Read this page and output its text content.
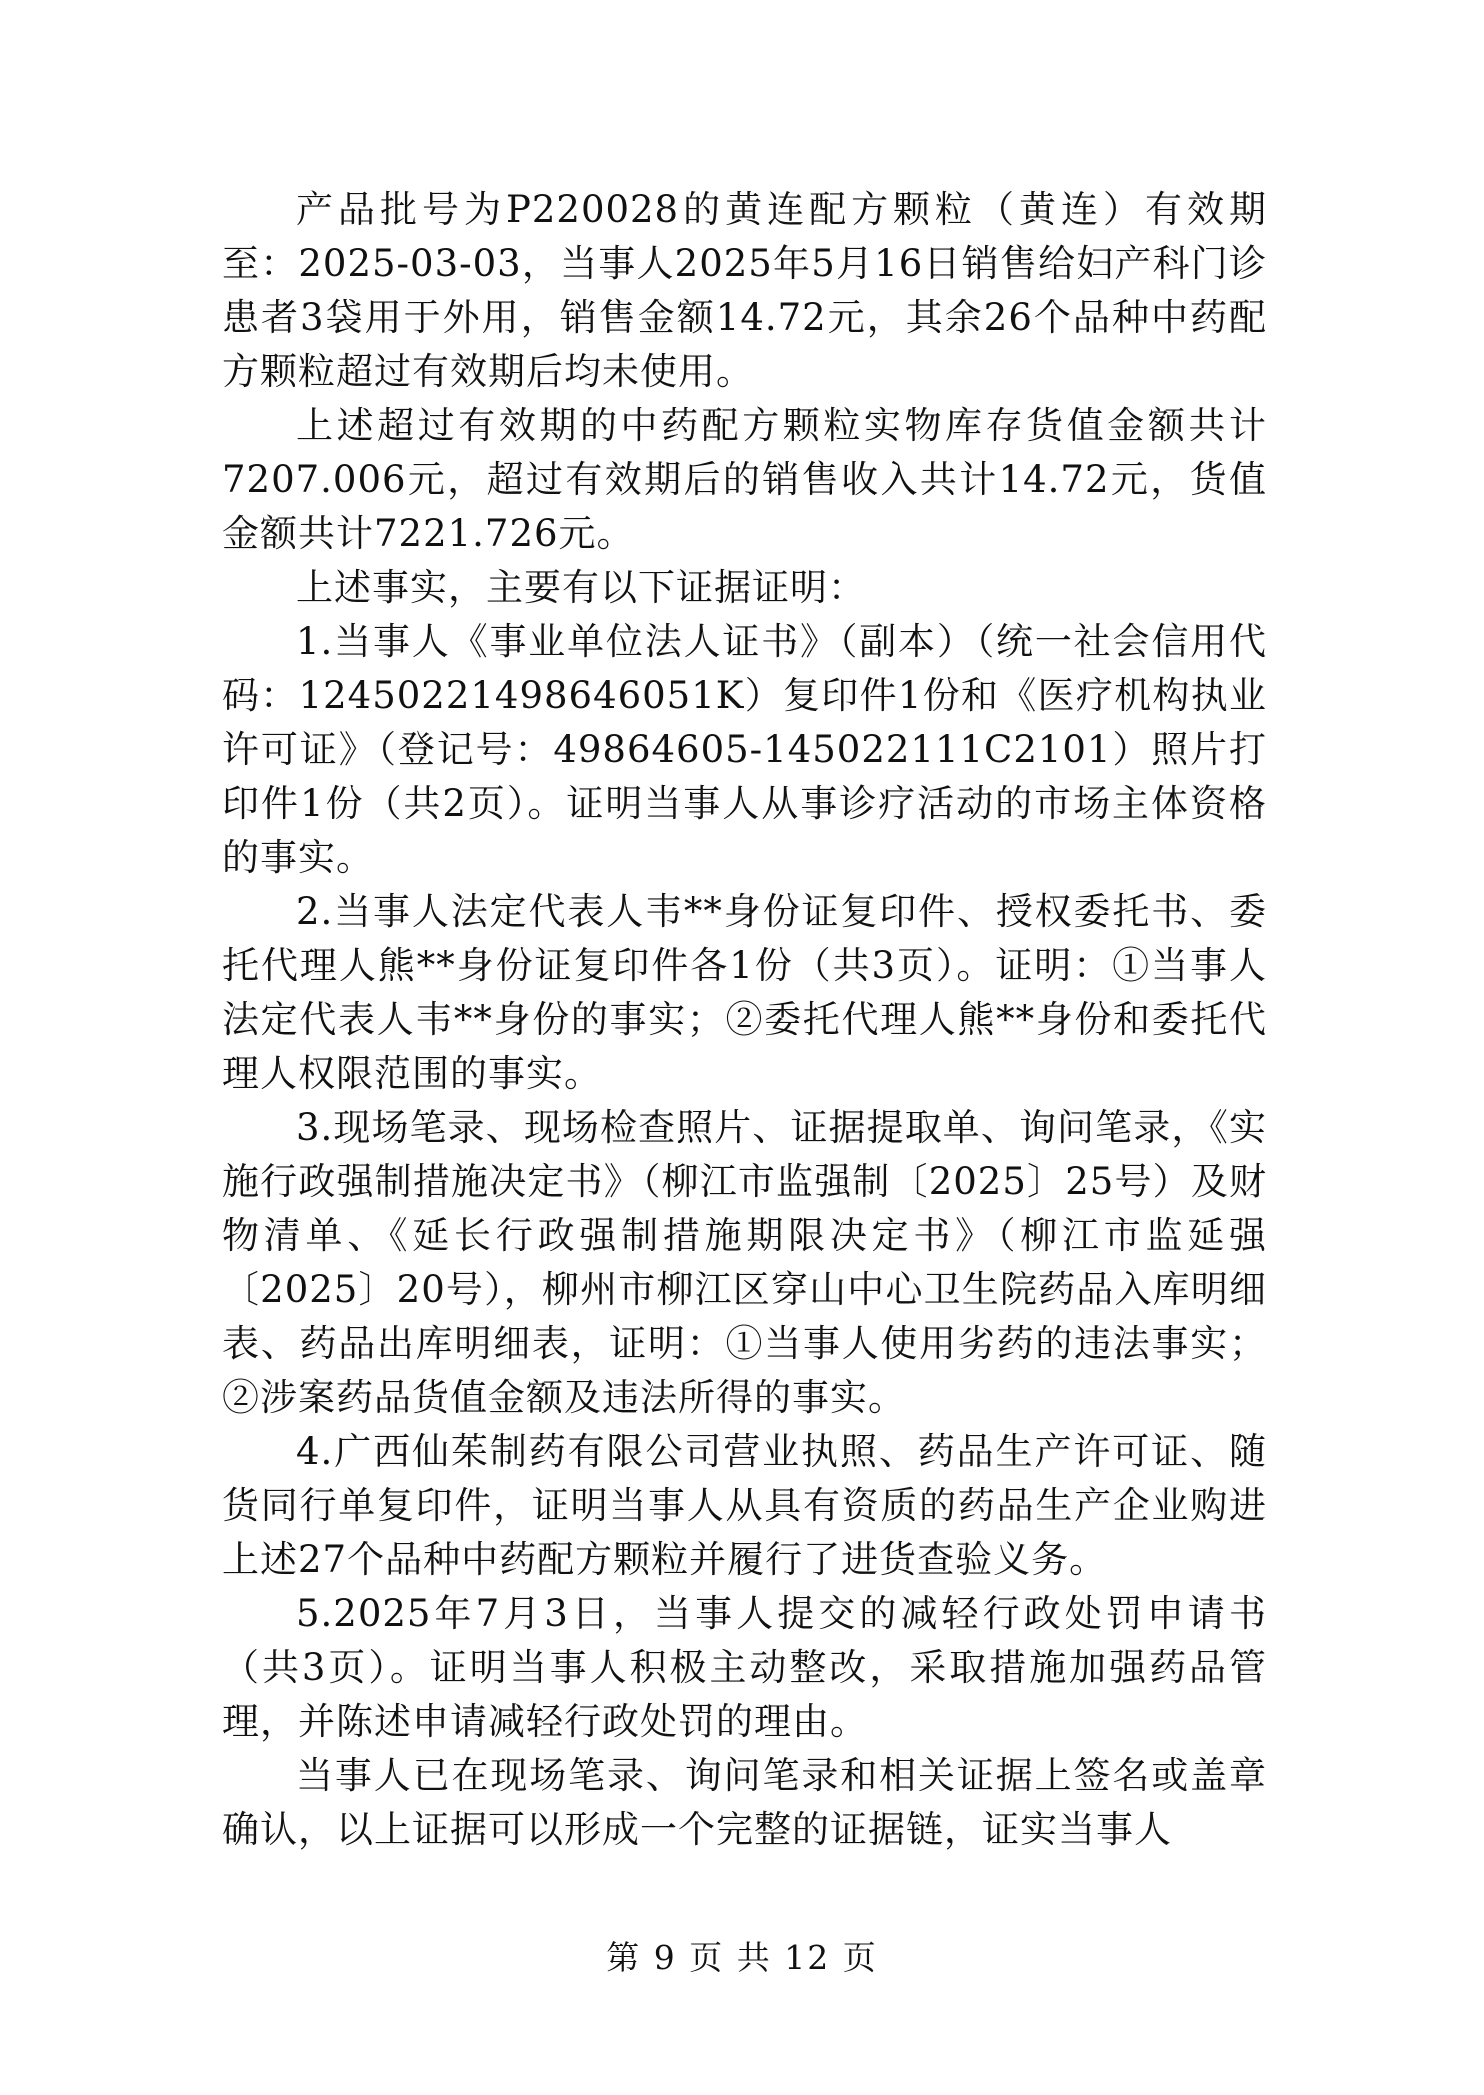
产品批号为P220028的黄连配方颗粒（黄连）有效期至：2025-03-03，当事人2025年5月16日销售给妇产科门诊患者3袋用于外用，销售金额14.72元，其余26个品种中药配方颗粒超过有效期后均未使用。

上述超过有效期的中药配方颗粒实物库存货值金额共计7207.006元，超过有效期后的销售收入共计14.72元，货值金额共计7221.726元。

上述事实，主要有以下证据证明：

1.当事人《事业单位法人证书》（副本）（统一社会信用代码：12450221498646051K）复印件1份和《医疗机构执业许可证》（登记号：49864605-145022111C2101）照片打印件1份（共2页）。证明当事人从事诊疗活动的市场主体资格的事实。

2.当事人法定代表人韦**身份证复印件、授权委托书、委托代理人熊**身份证复印件各1份（共3页）。证明：①当事人法定代表人韦**身份的事实；②委托代理人熊**身份和委托代理人权限范围的事实。

3.现场笔录、现场检查照片、证据提取单、询问笔录，《实施行政强制措施决定书》（柳江市监强制〔2025〕25号）及财物清单、《延长行政强制措施期限决定书》（柳江市监延强〔2025〕20号），柳州市柳江区穿山中心卫生院药品入库明细表、药品出库明细表，证明：①当事人使用劣药的违法事实；②涉案药品货值金额及违法所得的事实。

4.广西仙茱制药有限公司营业执照、药品生产许可证、随货同行单复印件，证明当事人从具有资质的药品生产企业购进上述27个品种中药配方颗粒并履行了进货查验义务。

5.2025年7月3日，当事人提交的减轻行政处罚申请书（共3页）。证明当事人积极主动整改，采取措施加强药品管理，并陈述申请减轻行政处罚的理由。

当事人已在现场笔录、询问笔录和相关证据上签名或盖章确认，以上证据可以形成一个完整的证据链，证实当事人

第 9 页 共 12 页
